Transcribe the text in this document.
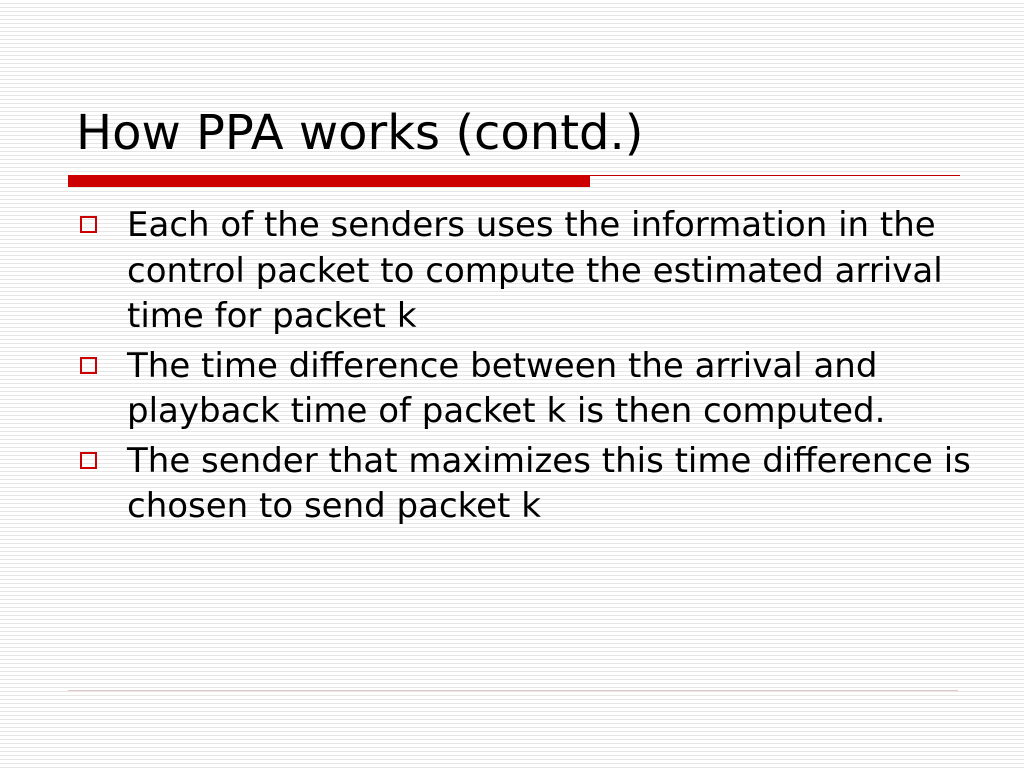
How PPA works (contd.)
Each of the senders uses the information in the control packet to compute the estimated arrival time for packet k
The time difference between the arrival and playback time of packet k is then computed.
The sender that maximizes this time difference is chosen to send packet k
